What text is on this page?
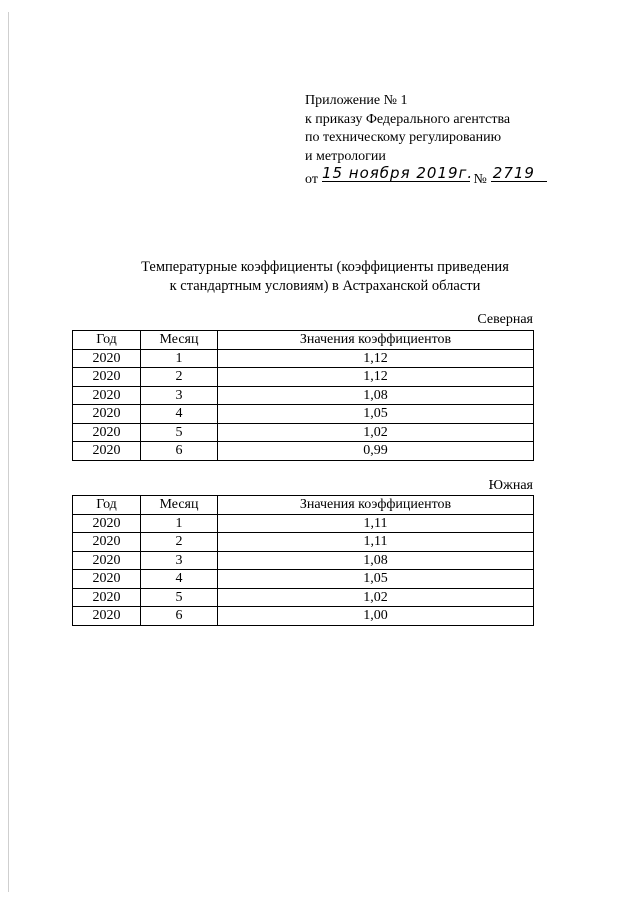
Приложение № 1
к приказу Федерального агентства
по техническому регулированию
и метрологии
от 15 ноября 2019г. № 2719
Температурные коэффициенты (коэффициенты приведения
к стандартным условиям) в Астраханской области
Северная
Год	Месяц	Значения коэффициентов
2020	1	1,12
2020	2	1,12
2020	3	1,08
2020	4	1,05
2020	5	1,02
2020	6	0,99
Южная
Год	Месяц	Значения коэффициентов
2020	1	1,11
2020	2	1,11
2020	3	1,08
2020	4	1,05
2020	5	1,02
2020	6	1,00
